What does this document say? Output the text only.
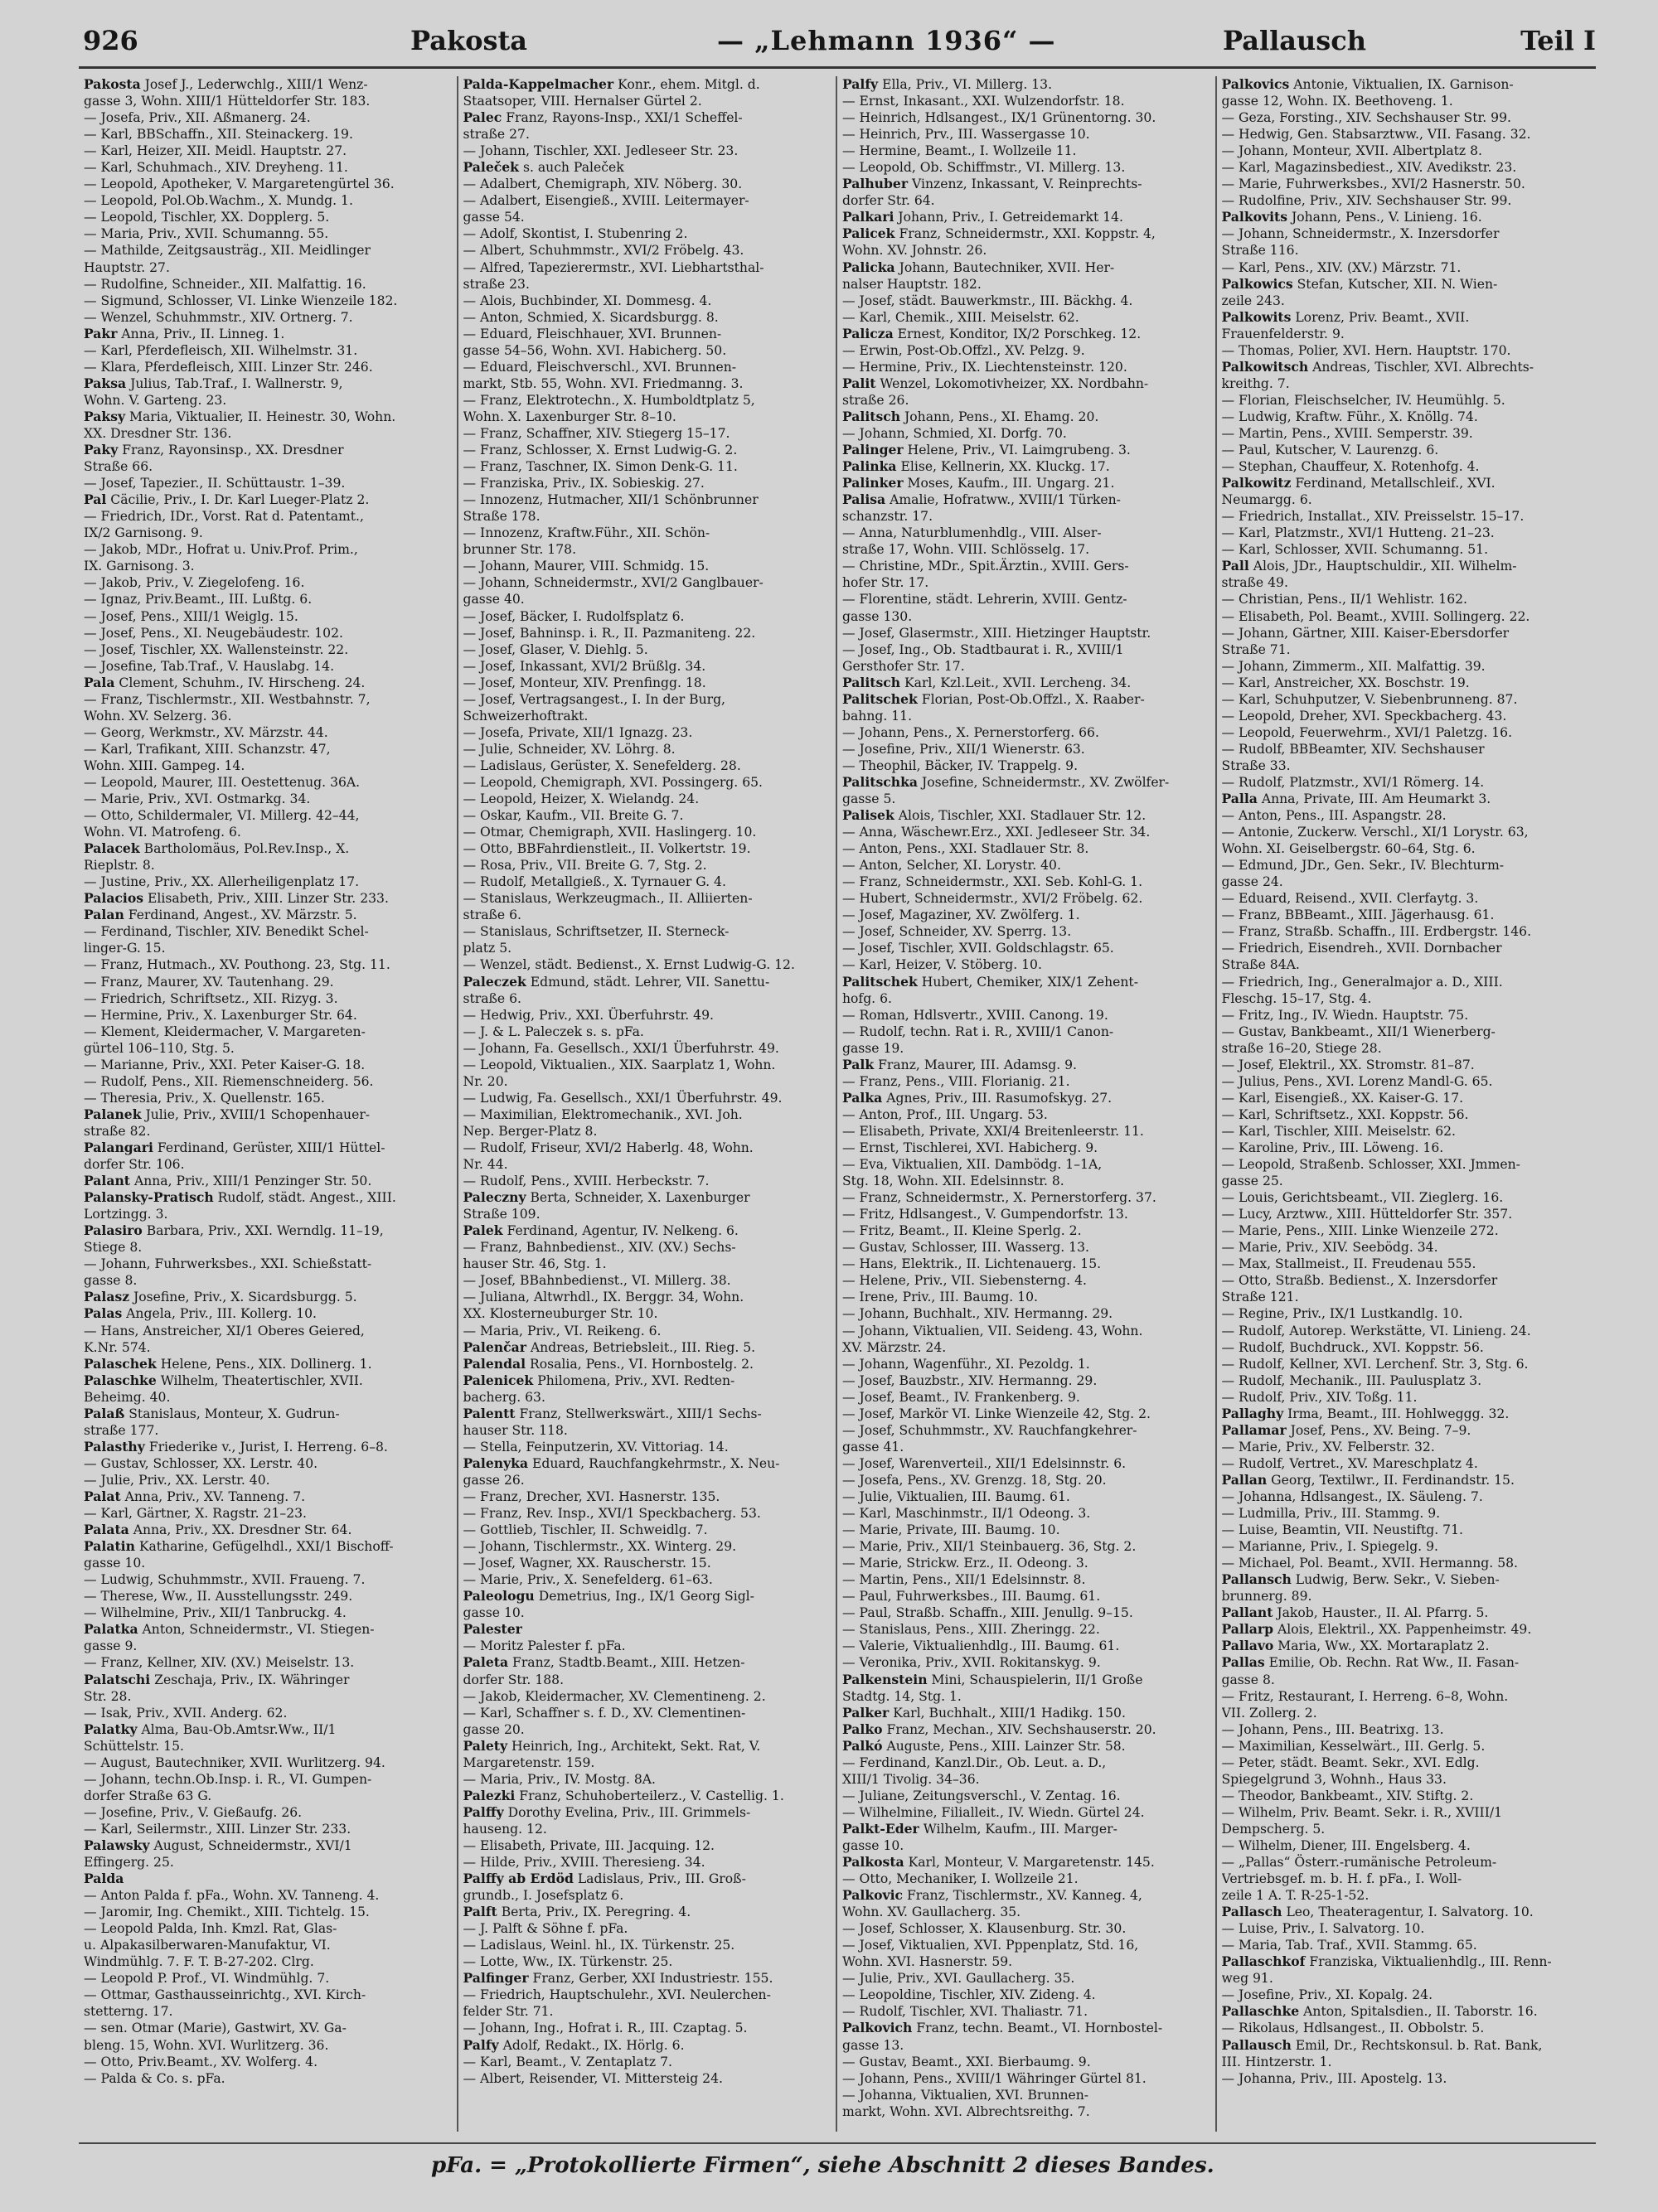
926	Pakosta	— „Lehmann 1936“ —	Pallausch	Teil I
Pakosta Josef J., Lederwchlg., XIII/1 Wenz-
gasse 3, Wohn. XIII/1 Hütteldorfer Str. 183.
— Josefa, Priv., XII. Aßmanerg. 24.
— Karl, BBSchaffn., XII. Steinackerg. 19.
— Karl, Heizer, XII. Meidl. Hauptstr. 27.
— Karl, Schuhmach., XIV. Dreyheng. 11.
— Leopold, Apotheker, V. Margaretengürtel 36.
— Leopold, Pol.Ob.Wachm., X. Mundg. 1.
— Leopold, Tischler, XX. Dopplerg. 5.
— Maria, Priv., XVII. Schumanng. 55.
— Mathilde, Zeitgsausträg., XII. Meidlinger
Hauptstr. 27.
— Rudolfine, Schneider., XII. Malfattig. 16.
— Sigmund, Schlosser, VI. Linke Wienzeile 182.
— Wenzel, Schuhmmstr., XIV. Ortnerg. 7.
Pakr Anna, Priv., II. Linneg. 1.
— Karl, Pferdefleisch, XII. Wilhelmstr. 31.
— Klara, Pferdefleisch, XIII. Linzer Str. 246.
Paksa Julius, Tab.Traf., I. Wallnerstr. 9,
Wohn. V. Garteng. 23.
Paksy Maria, Viktualier, II. Heinestr. 30, Wohn.
XX. Dresdner Str. 136.
Paky Franz, Rayonsinsp., XX. Dresdner
Straße 66.
— Josef, Tapezier., II. Schüttaustr. 1–39.
Pal Cäcilie, Priv., I. Dr. Karl Lueger-Platz 2.
— Friedrich, IDr., Vorst. Rat d. Patentamt.,
IX/2 Garnisong. 9.
— Jakob, MDr., Hofrat u. Univ.Prof. Prim.,
IX. Garnisong. 3.
— Jakob, Priv., V. Ziegelofeng. 16.
— Ignaz, Priv.Beamt., III. Lußtg. 6.
— Josef, Pens., XIII/1 Weiglg. 15.
— Josef, Pens., XI. Neugebäudestr. 102.
— Josef, Tischler, XX. Wallensteinstr. 22.
— Josefine, Tab.Traf., V. Hauslabg. 14.
Pala Clement, Schuhm., IV. Hirscheng. 24.
— Franz, Tischlermstr., XII. Westbahnstr. 7,
Wohn. XV. Selzerg. 36.
— Georg, Werkmstr., XV. Märzstr. 44.
— Karl, Trafikant, XIII. Schanzstr. 47,
Wohn. XIII. Gampeg. 14.
— Leopold, Maurer, III. Oestettenug. 36A.
— Marie, Priv., XVI. Ostmarkg. 34.
— Otto, Schildermaler, VI. Millerg. 42–44,
Wohn. VI. Matrofeng. 6.
Palacek Bartholomäus, Pol.Rev.Insp., X.
Rieplstr. 8.
— Justine, Priv., XX. Allerheiligenplatz 17.
Palacios Elisabeth, Priv., XIII. Linzer Str. 233.
Palan Ferdinand, Angest., XV. Märzstr. 5.
— Ferdinand, Tischler, XIV. Benedikt Schel-
linger-G. 15.
— Franz, Hutmach., XV. Pouthong. 23, Stg. 11.
— Franz, Maurer, XV. Tautenhang. 29.
— Friedrich, Schriftsetz., XII. Rizyg. 3.
— Hermine, Priv., X. Laxenburger Str. 64.
— Klement, Kleidermacher, V. Margareten-
gürtel 106–110, Stg. 5.
— Marianne, Priv., XXI. Peter Kaiser-G. 18.
— Rudolf, Pens., XII. Riemenschneiderg. 56.
— Theresia, Priv., X. Quellenstr. 165.
Palanek Julie, Priv., XVIII/1 Schopenhauer-
straße 82.
Palangari Ferdinand, Gerüster, XIII/1 Hüttel-
dorfer Str. 106.
Palant Anna, Priv., XIII/1 Penzinger Str. 50.
Palansky-Pratisch Rudolf, städt. Angest., XIII.
Lortzingg. 3.
Palasiro Barbara, Priv., XXI. Werndlg. 11–19,
Stiege 8.
— Johann, Fuhrwerksbes., XXI. Schießstatt-
gasse 8.
Palasz Josefine, Priv., X. Sicardsburgg. 5.
Palas Angela, Priv., III. Kollerg. 10.
— Hans, Anstreicher, XI/1 Oberes Geiered,
K.Nr. 574.
Palaschek Helene, Pens., XIX. Dollinerg. 1.
Palaschke Wilhelm, Theatertischler, XVII.
Beheimg. 40.
Palaß Stanislaus, Monteur, X. Gudrun-
straße 177.
Palasthy Friederike v., Jurist, I. Herreng. 6–8.
— Gustav, Schlosser, XX. Lerstr. 40.
— Julie, Priv., XX. Lerstr. 40.
Palat Anna, Priv., XV. Tanneng. 7.
— Karl, Gärtner, X. Ragstr. 21–23.
Palata Anna, Priv., XX. Dresdner Str. 64.
Palatin Katharine, Gefügelhdl., XXI/1 Bischoff-
gasse 10.
— Ludwig, Schuhmmstr., XVII. Fraueng. 7.
— Therese, Ww., II. Ausstellungsstr. 249.
— Wilhelmine, Priv., XII/1 Tanbruckg. 4.
Palatka Anton, Schneidermstr., VI. Stiegen-
gasse 9.
— Franz, Kellner, XIV. (XV.) Meiselstr. 13.
Palatschi Zeschaja, Priv., IX. Währinger
Str. 28.
— Isak, Priv., XVII. Anderg. 62.
Palatky Alma, Bau-Ob.Amtsr.Ww., II/1
Schüttelstr. 15.
— August, Bautechniker, XVII. Wurlitzerg. 94.
— Johann, techn.Ob.Insp. i. R., VI. Gumpen-
dorfer Straße 63 G.
— Josefine, Priv., V. Gießaufg. 26.
— Karl, Seilermstr., XIII. Linzer Str. 233.
Palawsky August, Schneidermstr., XVI/1
Effingerg. 25.
Palda
— Anton Palda f. pFa., Wohn. XV. Tanneng. 4.
— Jaromir, Ing. Chemikt., XIII. Tichtelg. 15.
— Leopold Palda, Inh. Kmzl. Rat, Glas-
u. Alpakasilberwaren-Manufaktur, VI.
Windmühlg. 7. F. T. B-27-202. Clrg.
— Leopold P. Prof., VI. Windmühlg. 7.
— Ottmar, Gasthausseinrichtg., XVI. Kirch-
stetterng. 17.
— sen. Otmar (Marie), Gastwirt, XV. Ga-
bleng. 15, Wohn. XVI. Wurlitzerg. 36.
— Otto, Priv.Beamt., XV. Wolferg. 4.
— Palda & Co. s. pFa.
Palda-Kappelmacher Konr., ehem. Mitgl. d.
Staatsoper, VIII. Hernalser Gürtel 2.
Palec Franz, Rayons-Insp., XXI/1 Scheffel-
straße 27.
— Johann, Tischler, XXI. Jedleseer Str. 23.
Paleček s. auch Paleček
— Adalbert, Chemigraph, XIV. Nöberg. 30.
— Adalbert, Eisengieß., XVIII. Leitermayer-
gasse 54.
— Adolf, Skontist, I. Stubenring 2.
— Albert, Schuhmmstr., XVI/2 Fröbelg. 43.
— Alfred, Tapezierermstr., XVI. Liebhartsthal-
straße 23.
— Alois, Buchbinder, XI. Dommesg. 4.
— Anton, Schmied, X. Sicardsburgg. 8.
— Eduard, Fleischhauer, XVI. Brunnen-
gasse 54–56, Wohn. XVI. Habicherg. 50.
— Eduard, Fleischverschl., XVI. Brunnen-
markt, Stb. 55, Wohn. XVI. Friedmanng. 3.
— Franz, Elektrotechn., X. Humboldtplatz 5,
Wohn. X. Laxenburger Str. 8–10.
— Franz, Schaffner, XIV. Stiegerg 15–17.
— Franz, Schlosser, X. Ernst Ludwig-G. 2.
— Franz, Taschner, IX. Simon Denk-G. 11.
— Franziska, Priv., IX. Sobieskig. 27.
— Innozenz, Hutmacher, XII/1 Schönbrunner
Straße 178.
— Innozenz, Kraftw.Führ., XII. Schön-
brunner Str. 178.
— Johann, Maurer, VIII. Schmidg. 15.
— Johann, Schneidermstr., XVI/2 Ganglbauer-
gasse 40.
— Josef, Bäcker, I. Rudolfsplatz 6.
— Josef, Bahninsp. i. R., II. Pazmaniteng. 22.
— Josef, Glaser, V. Diehlg. 5.
— Josef, Inkassant, XVI/2 Brüßlg. 34.
— Josef, Monteur, XIV. Prenfingg. 18.
— Josef, Vertragsangest., I. In der Burg,
Schweizerhoftrakt.
— Josefa, Private, XII/1 Ignazg. 23.
— Julie, Schneider, XV. Löhrg. 8.
— Ladislaus, Gerüster, X. Senefelderg. 28.
— Leopold, Chemigraph, XVI. Possingerg. 65.
— Leopold, Heizer, X. Wielandg. 24.
— Oskar, Kaufm., VII. Breite G. 7.
— Otmar, Chemigraph, XVII. Haslingerg. 10.
— Otto, BBFahrdienstleit., II. Volkertstr. 19.
— Rosa, Priv., VII. Breite G. 7, Stg. 2.
— Rudolf, Metallgieß., X. Tyrnauer G. 4.
— Stanislaus, Werkzeugmach., II. Alliierten-
straße 6.
— Stanislaus, Schriftsetzer, II. Sterneck-
platz 5.
— Wenzel, städt. Bedienst., X. Ernst Ludwig-G. 12.
Paleczek Edmund, städt. Lehrer, VII. Sanettu-
straße 6.
— Hedwig, Priv., XXI. Überfuhrstr. 49.
— J. & L. Paleczek s. s. pFa.
— Johann, Fa. Gesellsch., XXI/1 Überfuhrstr. 49.
— Leopold, Viktualien., XIX. Saarplatz 1, Wohn.
Nr. 20.
— Ludwig, Fa. Gesellsch., XXI/1 Überfuhrstr. 49.
— Maximilian, Elektromechanik., XVI. Joh.
Nep. Berger-Platz 8.
— Rudolf, Friseur, XVI/2 Haberlg. 48, Wohn.
Nr. 44.
— Rudolf, Pens., XVIII. Herbeckstr. 7.
Paleczny Berta, Schneider, X. Laxenburger
Straße 109.
Palek Ferdinand, Agentur, IV. Nelkeng. 6.
— Franz, Bahnbedienst., XIV. (XV.) Sechs-
hauser Str. 46, Stg. 1.
— Josef, BBahnbedienst., VI. Millerg. 38.
— Juliana, Altwrhdl., IX. Berggr. 34, Wohn.
XX. Klosterneuburger Str. 10.
— Maria, Priv., VI. Reikeng. 6.
Palenčar Andreas, Betriebsleit., III. Rieg. 5.
Palendal Rosalia, Pens., VI. Hornbostelg. 2.
Palenicek Philomena, Priv., XVI. Redten-
bacherg. 63.
Palentt Franz, Stellwerkswärt., XIII/1 Sechs-
hauser Str. 118.
— Stella, Feinputzerin, XV. Vittoriag. 14.
Palenyka Eduard, Rauchfangkehrmstr., X. Neu-
gasse 26.
— Franz, Drecher, XVI. Hasnerstr. 135.
— Franz, Rev. Insp., XVI/1 Speckbacherg. 53.
— Gottlieb, Tischler, II. Schweidlg. 7.
— Johann, Tischlermstr., XX. Winterg. 29.
— Josef, Wagner, XX. Rauscherstr. 15.
— Marie, Priv., X. Senefelderg. 61–63.
Paleologu Demetrius, Ing., IX/1 Georg Sigl-
gasse 10.
Palester
— Moritz Palester f. pFa.
Paleta Franz, Stadtb.Beamt., XIII. Hetzen-
dorfer Str. 188.
— Jakob, Kleidermacher, XV. Clementineng. 2.
— Karl, Schaffner s. f. D., XV. Clementinen-
gasse 20.
Palety Heinrich, Ing., Architekt, Sekt. Rat, V.
Margaretenstr. 159.
— Maria, Priv., IV. Mostg. 8A.
Palezki Franz, Schuhoberteilerz., V. Castellig. 1.
Palffy Dorothy Evelina, Priv., III. Grimmels-
hauseng. 12.
— Elisabeth, Private, III. Jacquing. 12.
— Hilde, Priv., XVIII. Theresieng. 34.
Palffy ab Erdöd Ladislaus, Priv., III. Groß-
grundb., I. Josefsplatz 6.
Palft Berta, Priv., IX. Peregring. 4.
— J. Palft & Söhne f. pFa.
— Ladislaus, Weinl. hl., IX. Türkenstr. 25.
— Lotte, Ww., IX. Türkenstr. 25.
Palfinger Franz, Gerber, XXI Industriestr. 155.
— Friedrich, Hauptschulehr., XVI. Neulerchen-
felder Str. 71.
— Johann, Ing., Hofrat i. R., III. Czaptag. 5.
Palfy Adolf, Redakt., IX. Hörlg. 6.
— Karl, Beamt., V. Zentaplatz 7.
— Albert, Reisender, VI. Mittersteig 24.
Palfy Ella, Priv., VI. Millerg. 13.
— Ernst, Inkasant., XXI. Wulzendorfstr. 18.
— Heinrich, Hdlsangest., IX/1 Grünentorng. 30.
— Heinrich, Prv., III. Wassergasse 10.
— Hermine, Beamt., I. Wollzeile 11.
— Leopold, Ob. Schiffmstr., VI. Millerg. 13.
Palhuber Vinzenz, Inkassant, V. Reinprechts-
dorfer Str. 64.
Palkari Johann, Priv., I. Getreidemarkt 14.
Palicek Franz, Schneidermstr., XXI. Koppstr. 4,
Wohn. XV. Johnstr. 26.
Palicka Johann, Bautechniker, XVII. Her-
nalser Hauptstr. 182.
— Josef, städt. Bauwerkmstr., III. Bäckhg. 4.
— Karl, Chemik., XIII. Meiselstr. 62.
Palicza Ernest, Konditor, IX/2 Porschkeg. 12.
— Erwin, Post-Ob.Offzl., XV. Pelzg. 9.
— Hermine, Priv., IX. Liechtensteinstr. 120.
Palit Wenzel, Lokomotivheizer, XX. Nordbahn-
straße 26.
Palitsch Johann, Pens., XI. Ehamg. 20.
— Johann, Schmied, XI. Dorfg. 70.
Palinger Helene, Priv., VI. Laimgrubeng. 3.
Palinka Elise, Kellnerin, XX. Kluckg. 17.
Palinker Moses, Kaufm., III. Ungarg. 21.
Palisa Amalie, Hofratww., XVIII/1 Türken-
schanzstr. 17.
— Anna, Naturblumenhdlg., VIII. Alser-
straße 17, Wohn. VIII. Schlösselg. 17.
— Christine, MDr., Spit.Ärztin., XVIII. Gers-
hofer Str. 17.
— Florentine, städt. Lehrerin, XVIII. Gentz-
gasse 130.
— Josef, Glasermstr., XIII. Hietzinger Hauptstr.
— Josef, Ing., Ob. Stadtbaurat i. R., XVIII/1
Gersthofer Str. 17.
Palitsch Karl, Kzl.Leit., XVII. Lercheng. 34.
Palitschek Florian, Post-Ob.Offzl., X. Raaber-
bahng. 11.
— Johann, Pens., X. Pernerstorferg. 66.
— Josefine, Priv., XII/1 Wienerstr. 63.
— Theophil, Bäcker, IV. Trappelg. 9.
Palitschka Josefine, Schneidermstr., XV. Zwölfer-
gasse 5.
Palisek Alois, Tischler, XXI. Stadlauer Str. 12.
— Anna, Wäschewr.Erz., XXI. Jedleseer Str. 34.
— Anton, Pens., XXI. Stadlauer Str. 8.
— Anton, Selcher, XI. Lorystr. 40.
— Franz, Schneidermstr., XXI. Seb. Kohl-G. 1.
— Hubert, Schneidermstr., XVI/2 Fröbelg. 62.
— Josef, Magaziner, XV. Zwölferg. 1.
— Josef, Schneider, XV. Sperrg. 13.
— Josef, Tischler, XVII. Goldschlagstr. 65.
— Karl, Heizer, V. Stöberg. 10.
Palitschek Hubert, Chemiker, XIX/1 Zehent-
hofg. 6.
— Roman, Hdlsvertr., XVIII. Canong. 19.
— Rudolf, techn. Rat i. R., XVIII/1 Canon-
gasse 19.
Palk Franz, Maurer, III. Adamsg. 9.
— Franz, Pens., VIII. Florianig. 21.
Palka Agnes, Priv., III. Rasumofskyg. 27.
— Anton, Prof., III. Ungarg. 53.
— Elisabeth, Private, XXI/4 Breitenleerstr. 11.
— Ernst, Tischlerei, XVI. Habicherg. 9.
— Eva, Viktualien, XII. Dambödg. 1–1A,
Stg. 18, Wohn. XII. Edelsinnstr. 8.
— Franz, Schneidermstr., X. Pernerstorferg. 37.
— Fritz, Hdlsangest., V. Gumpendorfstr. 13.
— Fritz, Beamt., II. Kleine Sperlg. 2.
— Gustav, Schlosser, III. Wasserg. 13.
— Hans, Elektrik., II. Lichtenauerg. 15.
— Helene, Priv., VII. Siebensterng. 4.
— Irene, Priv., III. Baumg. 10.
— Johann, Buchhalt., XIV. Hermanng. 29.
— Johann, Viktualien, VII. Seideng. 43, Wohn.
XV. Märzstr. 24.
— Johann, Wagenführ., XI. Pezoldg. 1.
— Josef, Bauzbstr., XIV. Hermanng. 29.
— Josef, Beamt., IV. Frankenberg. 9.
— Josef, Markör VI. Linke Wienzeile 42, Stg. 2.
— Josef, Schuhmmstr., XV. Rauchfangkehrer-
gasse 41.
— Josef, Warenverteil., XII/1 Edelsinnstr. 6.
— Josefa, Pens., XV. Grenzg. 18, Stg. 20.
— Julie, Viktualien, III. Baumg. 61.
— Karl, Maschinmstr., II/1 Odeong. 3.
— Marie, Private, III. Baumg. 10.
— Marie, Priv., XII/1 Steinbauerg. 36, Stg. 2.
— Marie, Strickw. Erz., II. Odeong. 3.
— Martin, Pens., XII/1 Edelsinnstr. 8.
— Paul, Fuhrwerksbes., III. Baumg. 61.
— Paul, Straßb. Schaffn., XIII. Jenullg. 9–15.
— Stanislaus, Pens., XIII. Zheringg. 22.
— Valerie, Viktualienhdlg., III. Baumg. 61.
— Veronika, Priv., XVII. Rokitanskyg. 9.
Palkenstein Mini, Schauspielerin, II/1 Große
Stadtg. 14, Stg. 1.
Palker Karl, Buchhalt., XIII/1 Hadikg. 150.
Palko Franz, Mechan., XIV. Sechshauserstr. 20.
Palkó Auguste, Pens., XIII. Lainzer Str. 58.
— Ferdinand, Kanzl.Dir., Ob. Leut. a. D.,
XIII/1 Tivolig. 34–36.
— Juliane, Zeitungsverschl., V. Zentag. 16.
— Wilhelmine, Filialleit., IV. Wiedn. Gürtel 24.
Palkt-Eder Wilhelm, Kaufm., III. Marger-
gasse 10.
Palkosta Karl, Monteur, V. Margaretenstr. 145.
— Otto, Mechaniker, I. Wollzeile 21.
Palkovic Franz, Tischlermstr., XV. Kanneg. 4,
Wohn. XV. Gaullacherg. 35.
— Josef, Schlosser, X. Klausenburg. Str. 30.
— Josef, Viktualien, XVI. Pppenplatz, Std. 16,
Wohn. XVI. Hasnerstr. 59.
— Julie, Priv., XVI. Gaullacherg. 35.
— Leopoldine, Tischler, XIV. Zideng. 4.
— Rudolf, Tischler, XVI. Thaliastr. 71.
Palkovich Franz, techn. Beamt., VI. Hornbostel-
gasse 13.
— Gustav, Beamt., XXI. Bierbaumg. 9.
— Johann, Pens., XVIII/1 Währinger Gürtel 81.
— Johanna, Viktualien, XVI. Brunnen-
markt, Wohn. XVI. Albrechtsreithg. 7.
Palkovics Antonie, Viktualien, IX. Garnison-
gasse 12, Wohn. IX. Beethoveng. 1.
— Geza, Forsting., XIV. Sechshauser Str. 99.
— Hedwig, Gen. Stabsarztww., VII. Fasang. 32.
— Johann, Monteur, XVII. Albertplatz 8.
— Karl, Magazinsbediest., XIV. Avedikstr. 23.
— Marie, Fuhrwerksbes., XVI/2 Hasnerstr. 50.
— Rudolfine, Priv., XIV. Sechshauser Str. 99.
Palkovits Johann, Pens., V. Linieng. 16.
— Johann, Schneidermstr., X. Inzersdorfer
Straße 116.
— Karl, Pens., XIV. (XV.) Märzstr. 71.
Palkowics Stefan, Kutscher, XII. N. Wien-
zeile 243.
Palkowits Lorenz, Priv. Beamt., XVII.
Frauenfelderstr. 9.
— Thomas, Polier, XVI. Hern. Hauptstr. 170.
Palkowitsch Andreas, Tischler, XVI. Albrechts-
kreithg. 7.
— Florian, Fleischselcher, IV. Heumühlg. 5.
— Ludwig, Kraftw. Führ., X. Knöllg. 74.
— Martin, Pens., XVIII. Semperstr. 39.
— Paul, Kutscher, V. Laurenzg. 6.
— Stephan, Chauffeur, X. Rotenhofg. 4.
Palkowitz Ferdinand, Metallschleif., XVI.
Neumargg. 6.
— Friedrich, Installat., XIV. Preisselstr. 15–17.
— Karl, Platzmstr., XVI/1 Hutteng. 21–23.
— Karl, Schlosser, XVII. Schumanng. 51.
Pall Alois, JDr., Hauptschuldir., XII. Wilhelm-
straße 49.
— Christian, Pens., II/1 Wehlistr. 162.
— Elisabeth, Pol. Beamt., XVIII. Sollingerg. 22.
— Johann, Gärtner, XIII. Kaiser-Ebersdorfer
Straße 71.
— Johann, Zimmerm., XII. Malfattig. 39.
— Karl, Anstreicher, XX. Boschstr. 19.
— Karl, Schuhputzer, V. Siebenbrunneng. 87.
— Leopold, Dreher, XVI. Speckbacherg. 43.
— Leopold, Feuerwehrm., XVI/1 Paletzg. 16.
— Rudolf, BBBeamter, XIV. Sechshauser
Straße 33.
— Rudolf, Platzmstr., XVI/1 Römerg. 14.
Palla Anna, Private, III. Am Heumarkt 3.
— Anton, Pens., III. Aspangstr. 28.
— Antonie, Zuckerw. Verschl., XI/1 Lorystr. 63,
Wohn. XI. Geiselbergstr. 60–64, Stg. 6.
— Edmund, JDr., Gen. Sekr., IV. Blechturm-
gasse 24.
— Eduard, Reisend., XVII. Clerfaytg. 3.
— Franz, BBBeamt., XIII. Jägerhausg. 61.
— Franz, Straßb. Schaffn., III. Erdbergstr. 146.
— Friedrich, Eisendreh., XVII. Dornbacher
Straße 84A.
— Friedrich, Ing., Generalmajor a. D., XIII.
Fleschg. 15–17, Stg. 4.
— Fritz, Ing., IV. Wiedn. Hauptstr. 75.
— Gustav, Bankbeamt., XII/1 Wienerberg-
straße 16–20, Stiege 28.
— Josef, Elektril., XX. Stromstr. 81–87.
— Julius, Pens., XVI. Lorenz Mandl-G. 65.
— Karl, Eisengieß., XX. Kaiser-G. 17.
— Karl, Schriftsetz., XXI. Koppstr. 56.
— Karl, Tischler, XIII. Meiselstr. 62.
— Karoline, Priv., III. Löweng. 16.
— Leopold, Straßenb. Schlosser, XXI. Jmmen-
gasse 25.
— Louis, Gerichtsbeamt., VII. Zieglerg. 16.
— Lucy, Arztww., XIII. Hütteldorfer Str. 357.
— Marie, Pens., XIII. Linke Wienzeile 272.
— Marie, Priv., XIV. Seebödg. 34.
— Max, Stallmeist., II. Freudenau 555.
— Otto, Straßb. Bedienst., X. Inzersdorfer
Straße 121.
— Regine, Priv., IX/1 Lustkandlg. 10.
— Rudolf, Autorep. Werkstätte, VI. Linieng. 24.
— Rudolf, Buchdruck., XVI. Koppstr. 56.
— Rudolf, Kellner, XVI. Lerchenf. Str. 3, Stg. 6.
— Rudolf, Mechanik., III. Paulusplatz 3.
— Rudolf, Priv., XIV. Toßg. 11.
Pallaghy Irma, Beamt., III. Hohlweggg. 32.
Pallamar Josef, Pens., XV. Being. 7–9.
— Marie, Priv., XV. Felberstr. 32.
— Rudolf, Vertret., XV. Mareschplatz 4.
Pallan Georg, Textilwr., II. Ferdinandstr. 15.
— Johanna, Hdlsangest., IX. Säuleng. 7.
— Ludmilla, Priv., III. Stammg. 9.
— Luise, Beamtin, VII. Neustiftg. 71.
— Marianne, Priv., I. Spiegelg. 9.
— Michael, Pol. Beamt., XVII. Hermanng. 58.
Pallansch Ludwig, Berw. Sekr., V. Sieben-
brunnerg. 89.
Pallant Jakob, Hauster., II. Al. Pfarrg. 5.
Pallarp Alois, Elektril., XX. Pappenheimstr. 49.
Pallavo Maria, Ww., XX. Mortaraplatz 2.
Pallas Emilie, Ob. Rechn. Rat Ww., II. Fasan-
gasse 8.
— Fritz, Restaurant, I. Herreng. 6–8, Wohn.
VII. Zollerg. 2.
— Johann, Pens., III. Beatrixg. 13.
— Maximilian, Kesselwärt., III. Gerlg. 5.
— Peter, städt. Beamt. Sekr., XVI. Edlg.
Spiegelgrund 3, Wohnh., Haus 33.
— Theodor, Bankbeamt., XIV. Stiftg. 2.
— Wilhelm, Priv. Beamt. Sekr. i. R., XVIII/1
Dempscherg. 5.
— Wilhelm, Diener, III. Engelsberg. 4.
— „Pallas“ Österr.-rumänische Petroleum-
Vertriebsgef. m. b. H. f. pFa., I. Woll-
zeile 1 A. T. R-25-1-52.
Pallasch Leo, Theateragentur, I. Salvatorg. 10.
— Luise, Priv., I. Salvatorg. 10.
— Maria, Tab. Traf., XVII. Stammg. 65.
Pallaschkof Franziska, Viktualienhdlg., III. Renn-
weg 91.
— Josefine, Priv., XI. Kopalg. 24.
Pallaschke Anton, Spitalsdien., II. Taborstr. 16.
— Rikolaus, Hdlsangest., II. Obbolstr. 5.
Pallausch Emil, Dr., Rechtskonsul. b. Rat. Bank,
III. Hintzerstr. 1.
— Johanna, Priv., III. Apostelg. 13.
pFa. = „Protokollierte Firmen“, siehe Abschnitt 2 dieses Bandes.
